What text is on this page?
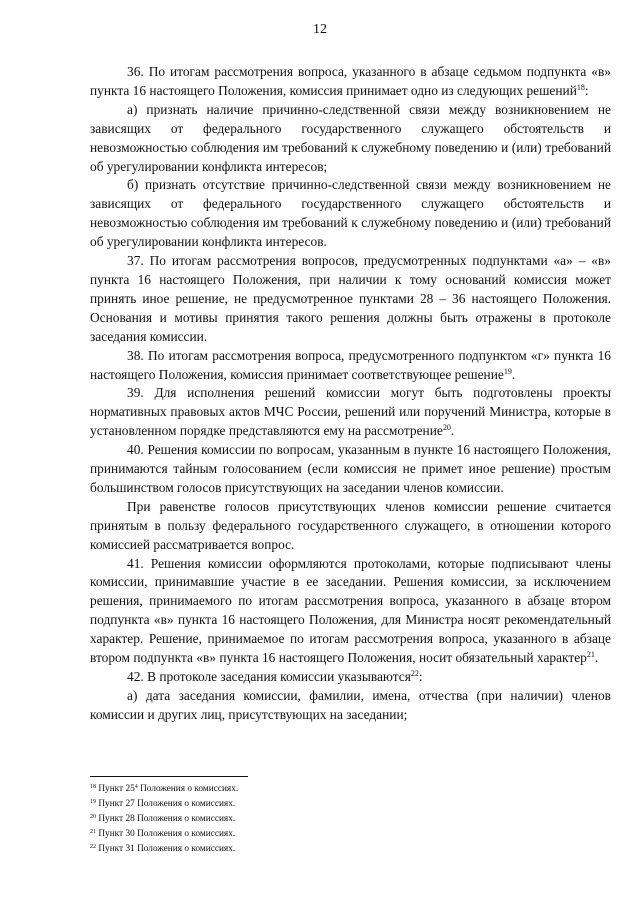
12

36. По итогам рассмотрения вопроса, указанного в абзаце седьмом подпункта «в» пункта 16 настоящего Положения, комиссия принимает одно из следующих решений$^{18}$:

а) признать наличие причинно-следственной связи между возникновением не зависящих от федерального государственного служащего обстоятельств и невозможностью соблюдения им требований к служебному поведению и (или) требований об урегулировании конфликта интересов;

б) признать отсутствие причинно-следственной связи между возникновением не зависящих от федерального государственного служащего обстоятельств и невозможностью соблюдения им требований к служебному поведению и (или) требований об урегулировании конфликта интересов.

37. По итогам рассмотрения вопросов, предусмотренных подпунктами «а» – «в» пункта 16 настоящего Положения, при наличии к тому оснований комиссия может принять иное решение, не предусмотренное пунктами 28 – 36 настоящего Положения. Основания и мотивы принятия такого решения должны быть отражены в протоколе заседания комиссии.

38. По итогам рассмотрения вопроса, предусмотренного подпунктом «г» пункта 16 настоящего Положения, комиссия принимает соответствующее решение$^{19}$.

39. Для исполнения решений комиссии могут быть подготовлены проекты нормативных правовых актов МЧС России, решений или поручений Министра, которые в установленном порядке представляются ему на рассмотрение$^{20}$.

40. Решения комиссии по вопросам, указанным в пункте 16 настоящего Положения, принимаются тайным голосованием (если комиссия не примет иное решение) простым большинством голосов присутствующих на заседании членов комиссии.

При равенстве голосов присутствующих членов комиссии решение считается принятым в пользу федерального государственного служащего, в отношении которого комиссией рассматривается вопрос.

41. Решения комиссии оформляются протоколами, которые подписывают члены комиссии, принимавшие участие в ее заседании. Решения комиссии, за исключением решения, принимаемого по итогам рассмотрения вопроса, указанного в абзаце втором подпункта «в» пункта 16 настоящего Положения, для Министра носят рекомендательный характер. Решение, принимаемое по итогам рассмотрения вопроса, указанного в абзаце втором подпункта «в» пункта 16 настоящего Положения, носит обязательный характер$^{21}$.

42. В протоколе заседания комиссии указываются$^{22}$:

а) дата заседания комиссии, фамилии, имена, отчества (при наличии) членов комиссии и других лиц, присутствующих на заседании;

$^{18}$ Пункт $25^4$ Положения о комиссиях.
$^{19}$ Пункт 27 Положения о комиссиях.
$^{20}$ Пункт 28 Положения о комиссиях.
$^{21}$ Пункт 30 Положения о комиссиях.
$^{22}$ Пункт 31 Положения о комиссиях.
